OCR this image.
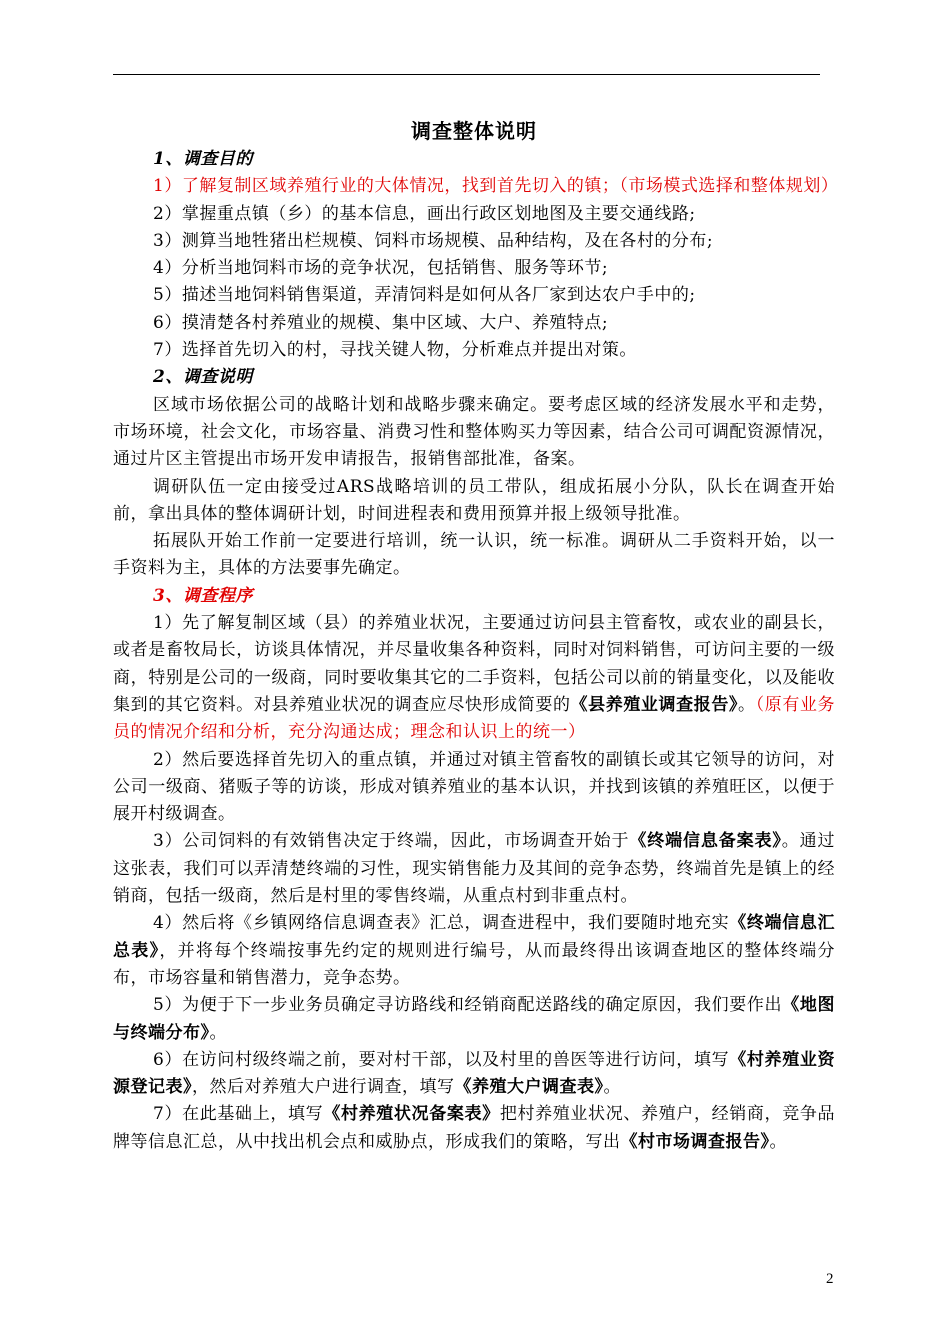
调查整体说明
1、调查目的
1）了解复制区域养殖行业的大体情况，找到首先切入的镇；（市场模式选择和整体规划）
2）掌握重点镇（乡）的基本信息，画出行政区划地图及主要交通线路;
3）测算当地牲猪出栏规模、饲料市场规模、品种结构，及在各村的分布;
4）分析当地饲料市场的竞争状况，包括销售、服务等环节;
5）描述当地饲料销售渠道，弄清饲料是如何从各厂家到达农户手中的;
6）摸清楚各村养殖业的规模、集中区域、大户、养殖特点;
7）选择首先切入的村，寻找关键人物，分析难点并提出对策。
2、调查说明
区域市场依据公司的战略计划和战略步骤来确定。要考虑区域的经济发展水平和走势，市场环境，社会文化，市场容量、消费习性和整体购买力等因素，结合公司可调配资源情况，通过片区主管提出市场开发申请报告，报销售部批准，备案。
调研队伍一定由接受过ARS战略培训的员工带队，组成拓展小分队，队长在调查开始前，拿出具体的整体调研计划，时间进程表和费用预算并报上级领导批准。
拓展队开始工作前一定要进行培训，统一认识，统一标准。调研从二手资料开始，以一手资料为主，具体的方法要事先确定。
3、调查程序
1）先了解复制区域（县）的养殖业状况，主要通过访问县主管畜牧，或农业的副县长，或者是畜牧局长，访谈具体情况，并尽量收集各种资料，同时对饲料销售，可访问主要的一级商，特别是公司的一级商，同时要收集其它的二手资料，包括公司以前的销量变化，以及能收集到的其它资料。对县养殖业状况的调查应尽快形成简要的《县养殖业调查报告》。（原有业务员的情况介绍和分析，充分沟通达成；理念和认识上的统一）
2）然后要选择首先切入的重点镇，并通过对镇主管畜牧的副镇长或其它领导的访问，对公司一级商、猪贩子等的访谈，形成对镇养殖业的基本认识，并找到该镇的养殖旺区，以便于展开村级调查。
3）公司饲料的有效销售决定于终端，因此，市场调查开始于《终端信息备案表》。通过这张表，我们可以弄清楚终端的习性，现实销售能力及其间的竞争态势，终端首先是镇上的经销商，包括一级商，然后是村里的零售终端，从重点村到非重点村。
4）然后将《乡镇网络信息调查表》汇总，调查进程中，我们要随时地充实《终端信息汇总表》，并将每个终端按事先约定的规则进行编号，从而最终得出该调查地区的整体终端分布，市场容量和销售潜力，竞争态势。
5）为便于下一步业务员确定寻访路线和经销商配送路线的确定原因，我们要作出《地图与终端分布》。
6）在访问村级终端之前，要对村干部，以及村里的兽医等进行访问，填写《村养殖业资源登记表》，然后对养殖大户进行调查，填写《养殖大户调查表》。
7）在此基础上，填写《村养殖状况备案表》把村养殖业状况、养殖户，经销商，竞争品牌等信息汇总，从中找出机会点和威胁点，形成我们的策略，写出《村市场调查报告》。
2
